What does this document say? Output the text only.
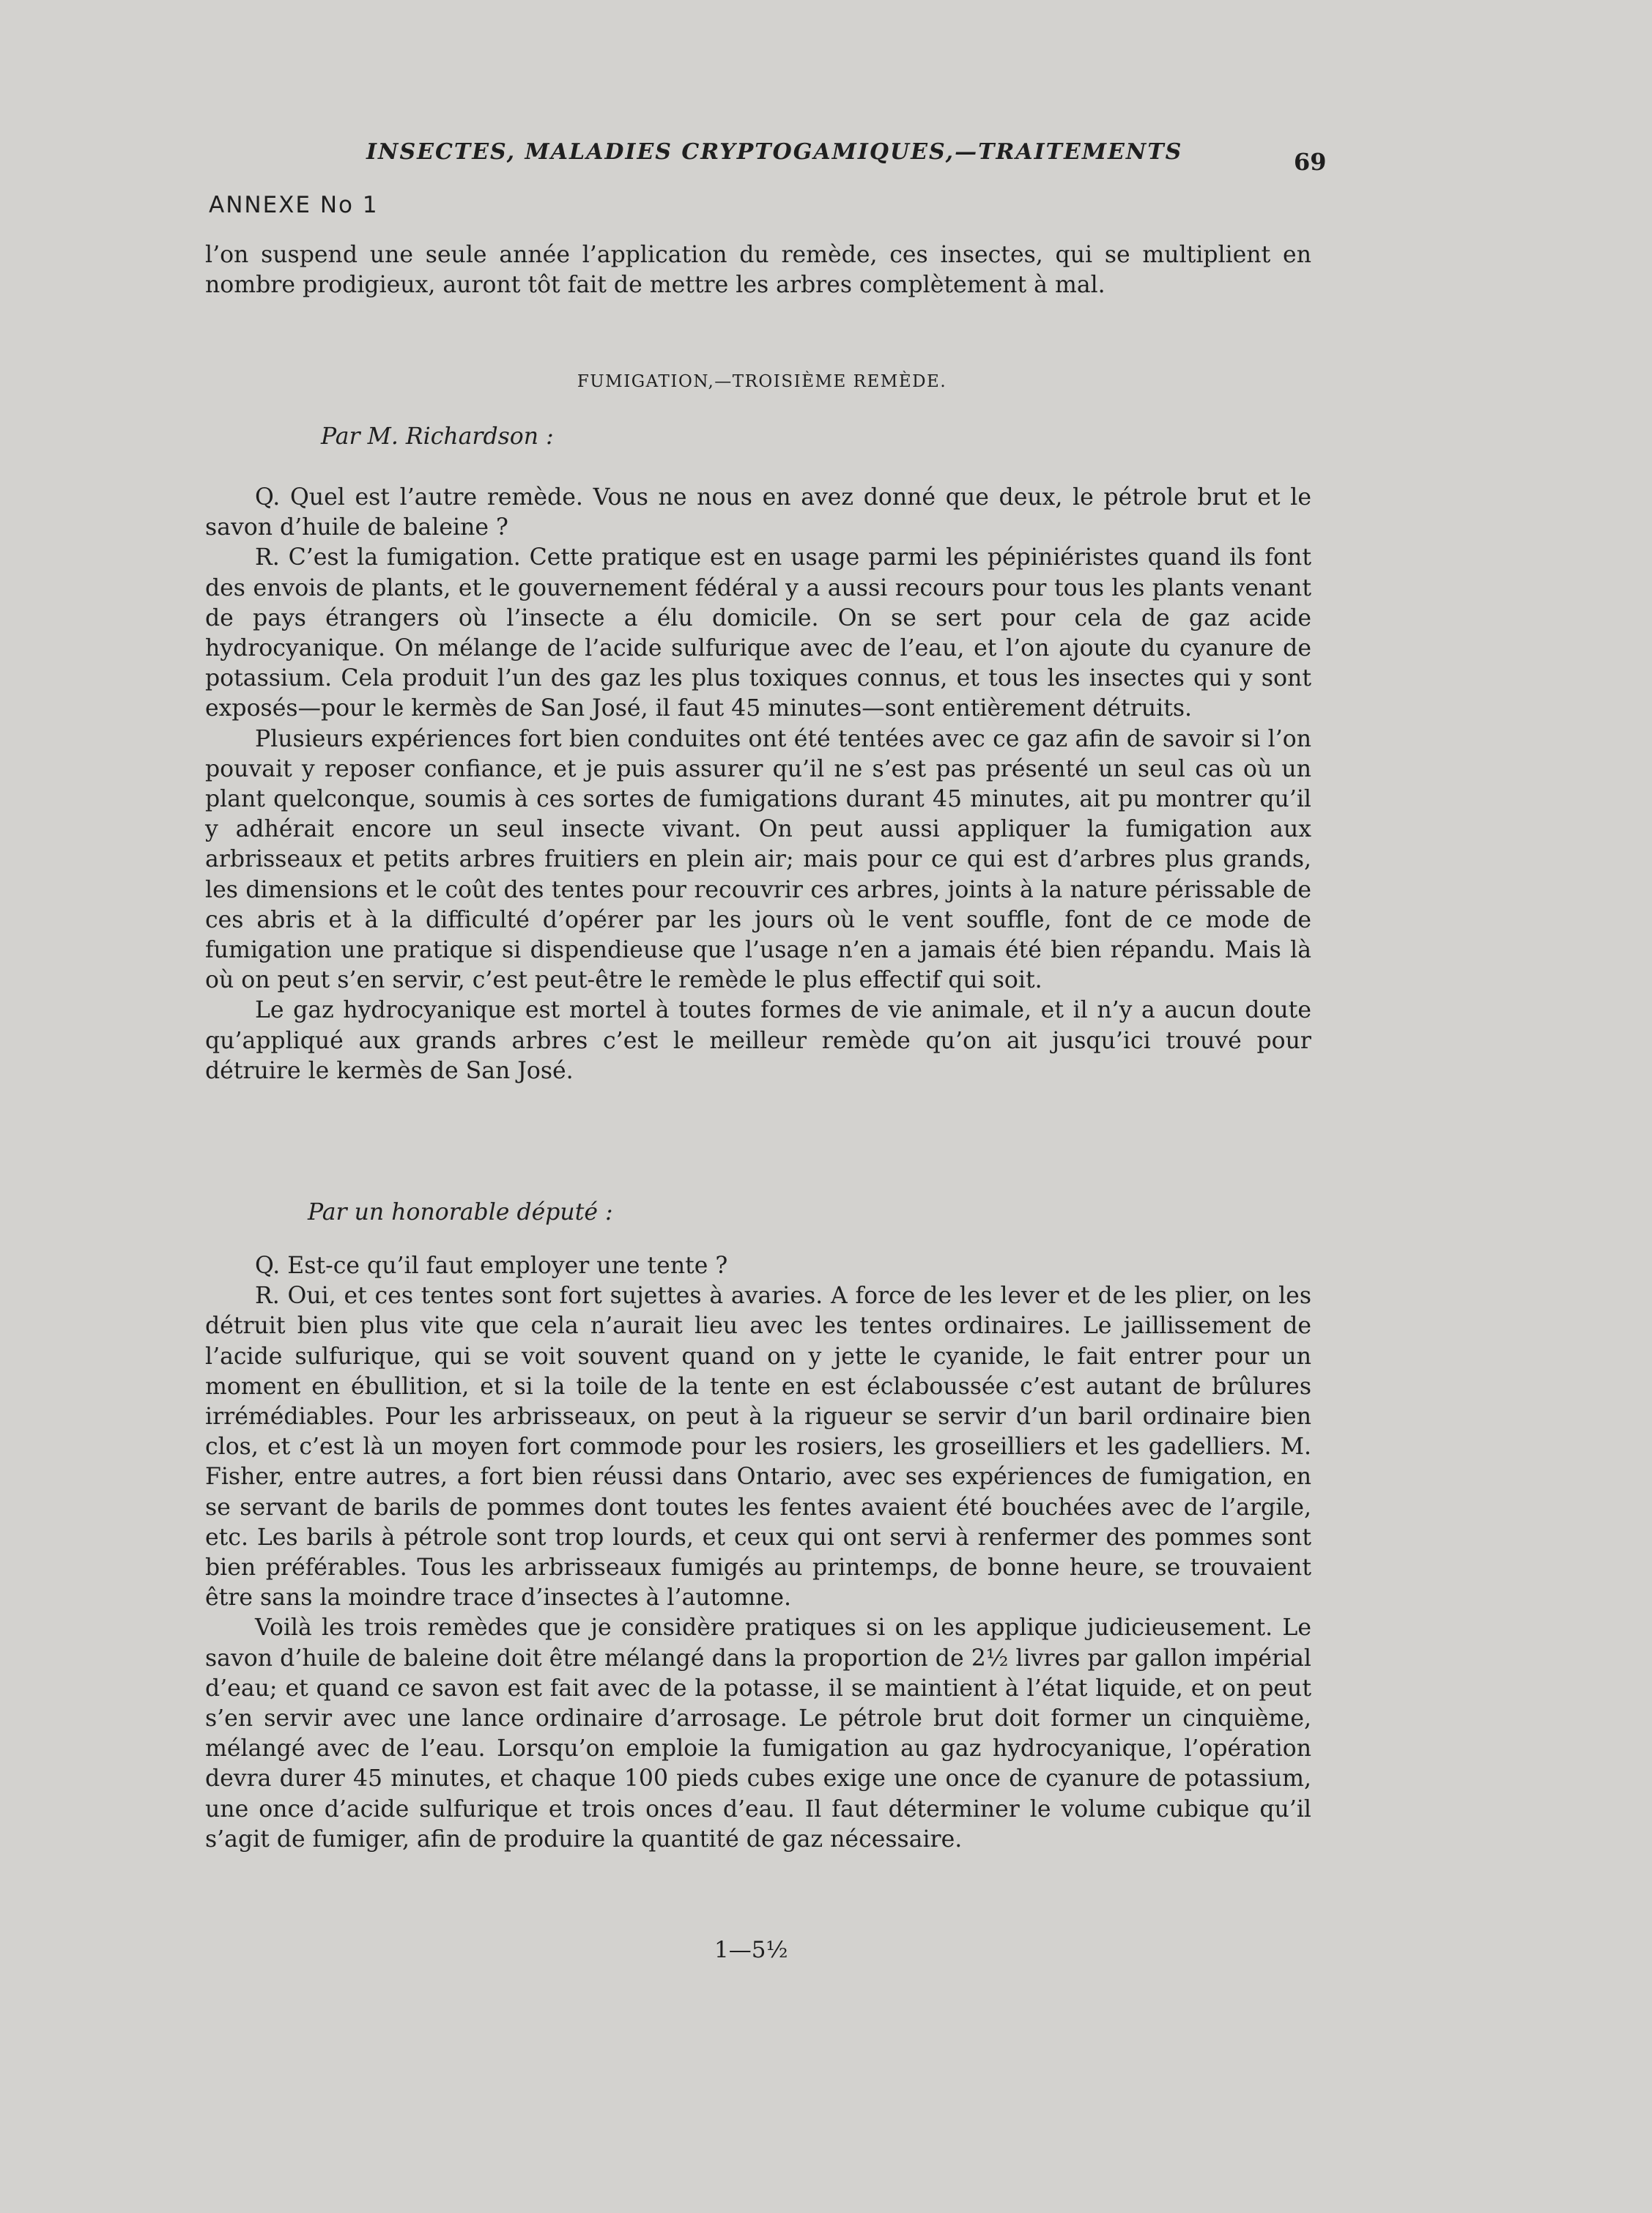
INSECTES, MALADIES CRYPTOGAMIQUES,—TRAITEMENTS	69
ANNEXE No 1

l’on suspend une seule année l’application du remède, ces insectes, qui se multiplient en nombre prodigieux, auront tôt fait de mettre les arbres complètement à mal.

FUMIGATION,—TROISIÈME REMÈDE.
Par M. Richardson :

Q. Quel est l’autre remède. Vous ne nous en avez donné que deux, le pétrole brut et le savon d’huile de baleine ?

R. C’est la fumigation. Cette pratique est en usage parmi les pépiniéristes quand ils font des envois de plants, et le gouvernement fédéral y a aussi recours pour tous les plants venant de pays étrangers où l’insecte a élu domicile. On se sert pour cela de gaz acide hydrocyanique. On mélange de l’acide sulfurique avec de l’eau, et l’on ajoute du cyanure de potassium. Cela produit l’un des gaz les plus toxiques connus, et tous les insectes qui y sont exposés—pour le kermès de San José, il faut 45 minutes—sont entièrement détruits.

Plusieurs expériences fort bien conduites ont été tentées avec ce gaz afin de savoir si l’on pouvait y reposer confiance, et je puis assurer qu’il ne s’est pas présenté un seul cas où un plant quelconque, soumis à ces sortes de fumigations durant 45 minutes, ait pu montrer qu’il y adhérait encore un seul insecte vivant. On peut aussi appliquer la fumigation aux arbrisseaux et petits arbres fruitiers en plein air; mais pour ce qui est d’arbres plus grands, les dimensions et le coût des tentes pour recouvrir ces arbres, joints à la nature périssable de ces abris et à la difficulté d’opérer par les jours où le vent souffle, font de ce mode de fumigation une pratique si dispendieuse que l’usage n’en a jamais été bien répandu. Mais là où on peut s’en servir, c’est peut-être le remède le plus effectif qui soit.

Le gaz hydrocyanique est mortel à toutes formes de vie animale, et il n’y a aucun doute qu’appliqué aux grands arbres c’est le meilleur remède qu’on ait jusqu’ici trouvé pour détruire le kermès de San José.

Par un honorable député :

Q. Est-ce qu’il faut employer une tente ?

R. Oui, et ces tentes sont fort sujettes à avaries. A force de les lever et de les plier, on les détruit bien plus vite que cela n’aurait lieu avec les tentes ordinaires. Le jaillissement de l’acide sulfurique, qui se voit souvent quand on y jette le cyanide, le fait entrer pour un moment en ébullition, et si la toile de la tente en est éclaboussée c’est autant de brûlures irrémédiables. Pour les arbrisseaux, on peut à la rigueur se servir d’un baril ordinaire bien clos, et c’est là un moyen fort commode pour les rosiers, les groseilliers et les gadelliers. M. Fisher, entre autres, a fort bien réussi dans Ontario, avec ses expériences de fumigation, en se servant de barils de pommes dont toutes les fentes avaient été bouchées avec de l’argile, etc. Les barils à pétrole sont trop lourds, et ceux qui ont servi à renfermer des pommes sont bien préférables. Tous les arbrisseaux fumigés au printemps, de bonne heure, se trouvaient être sans la moindre trace d’insectes à l’automne.

Voilà les trois remèdes que je considère pratiques si on les applique judicieusement. Le savon d’huile de baleine doit être mélangé dans la proportion de 2½ livres par gallon impérial d’eau; et quand ce savon est fait avec de la potasse, il se maintient à l’état liquide, et on peut s’en servir avec une lance ordinaire d’arrosage. Le pétrole brut doit former un cinquième, mélangé avec de l’eau. Lorsqu’on emploie la fumigation au gaz hydrocyanique, l’opération devra durer 45 minutes, et chaque 100 pieds cubes exige une once de cyanure de potassium, une once d’acide sulfurique et trois onces d’eau. Il faut déterminer le volume cubique qu’il s’agit de fumiger, afin de produire la quantité de gaz nécessaire.

1—5½
